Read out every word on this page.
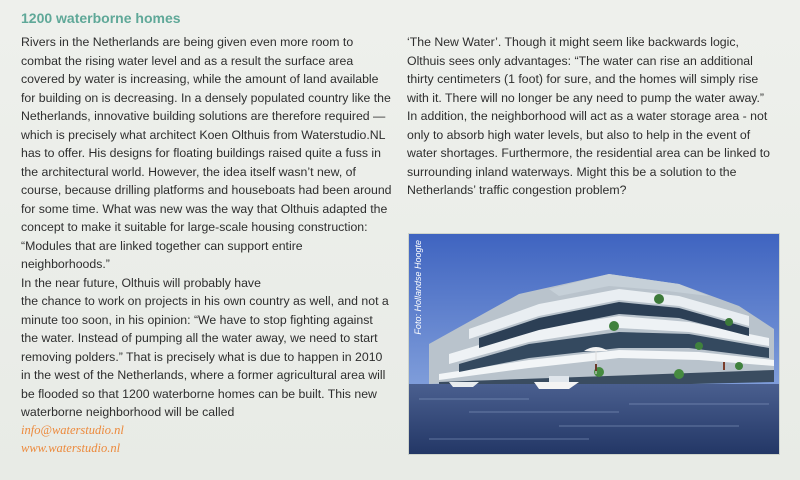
1200 waterborne homes

Rivers in the Netherlands are being given even more room to combat the rising water level and as a result the surface area covered by water is increasing, while the amount of land available for building on is decreasing. In a densely populated country like the Netherlands, innovative building solutions are therefore required — which is precisely what architect Koen Olthuis from Waterstudio.NL has to offer. His designs for floating buildings raised quite a fuss in the architectural world. However, the idea itself wasn’t new, of course, because drilling platforms and houseboats had been around for some time. What was new was the way that Olthuis adapted the concept to make it suitable for large-scale housing construction: “Modules that are linked together can support entire neighborhoods.”

In the near future, Olthuis will probably have

the chance to work on projects in his own country as well, and not a minute too soon, in his opinion: “We have to stop fighting against the water. Instead of pumping all the water away, we need to start removing polders.” That is precisely what is due to happen in 2010 in the west of the Netherlands, where a former agricultural area will be flooded so that 1200 waterborne homes can be built. This new waterborne neighborhood will be called

‘The New Water’. Though it might seem like backwards logic, Olthuis sees only advantages: “The water can rise an additional thirty centimeters (1 foot) for sure, and the homes will simply rise with it. There will no longer be any need to pump the water away.” In addition, the neighborhood will act as a water storage area - not only to absorb high water levels, but also to help in the event of water shortages. Furthermore, the residential area can be linked to surrounding inland waterways. Might this be a solution to the Netherlands’ traffic congestion problem?

info@waterstudio.nl
www.waterstudio.nl
Foto: Hollandse Hoogte
